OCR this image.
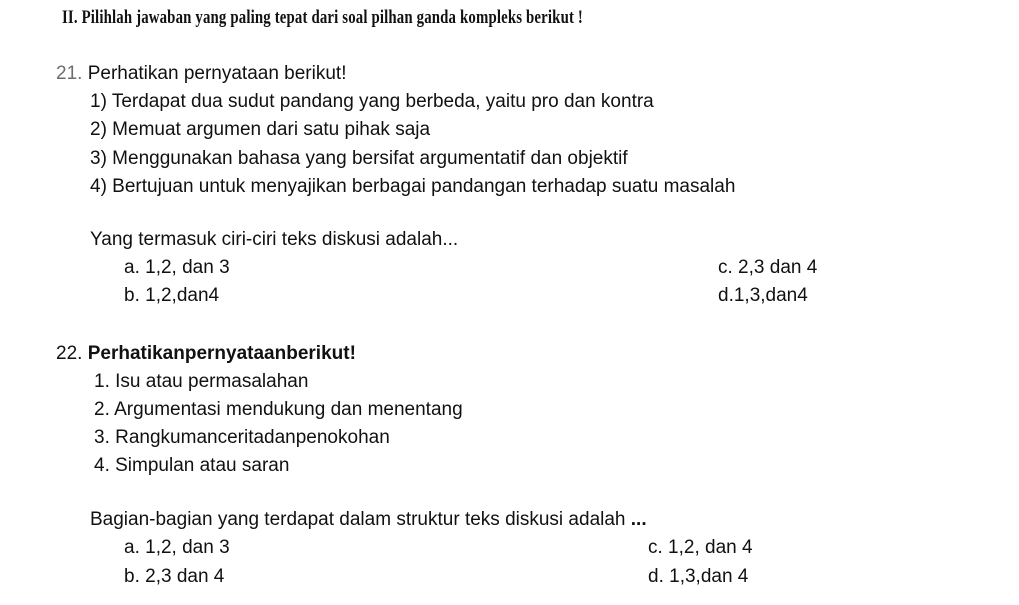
II. Pilihlah jawaban yang paling tepat dari soal pilhan ganda kompleks berikut !
21. Perhatikan pernyataan berikut!
1) Terdapat dua sudut pandang yang berbeda, yaitu pro dan kontra
2) Memuat argumen dari satu pihak saja
3) Menggunakan bahasa yang bersifat argumentatif dan objektif
4) Bertujuan untuk menyajikan berbagai pandangan terhadap suatu masalah
Yang termasuk ciri-ciri teks diskusi adalah...
a. 1,2, dan 3
b. 1,2,dan4
c. 2,3 dan 4
d.1,3,dan4
22. Perhatikanpernyataanberikut!
1. Isu atau permasalahan
2. Argumentasi mendukung dan menentang
3. Rangkumanceritadanpenokohan
4. Simpulan atau saran
Bagian-bagian yang terdapat dalam struktur teks diskusi adalah ...
a. 1,2, dan 3
b. 2,3 dan 4
c. 1,2, dan 4
d. 1,3,dan 4
